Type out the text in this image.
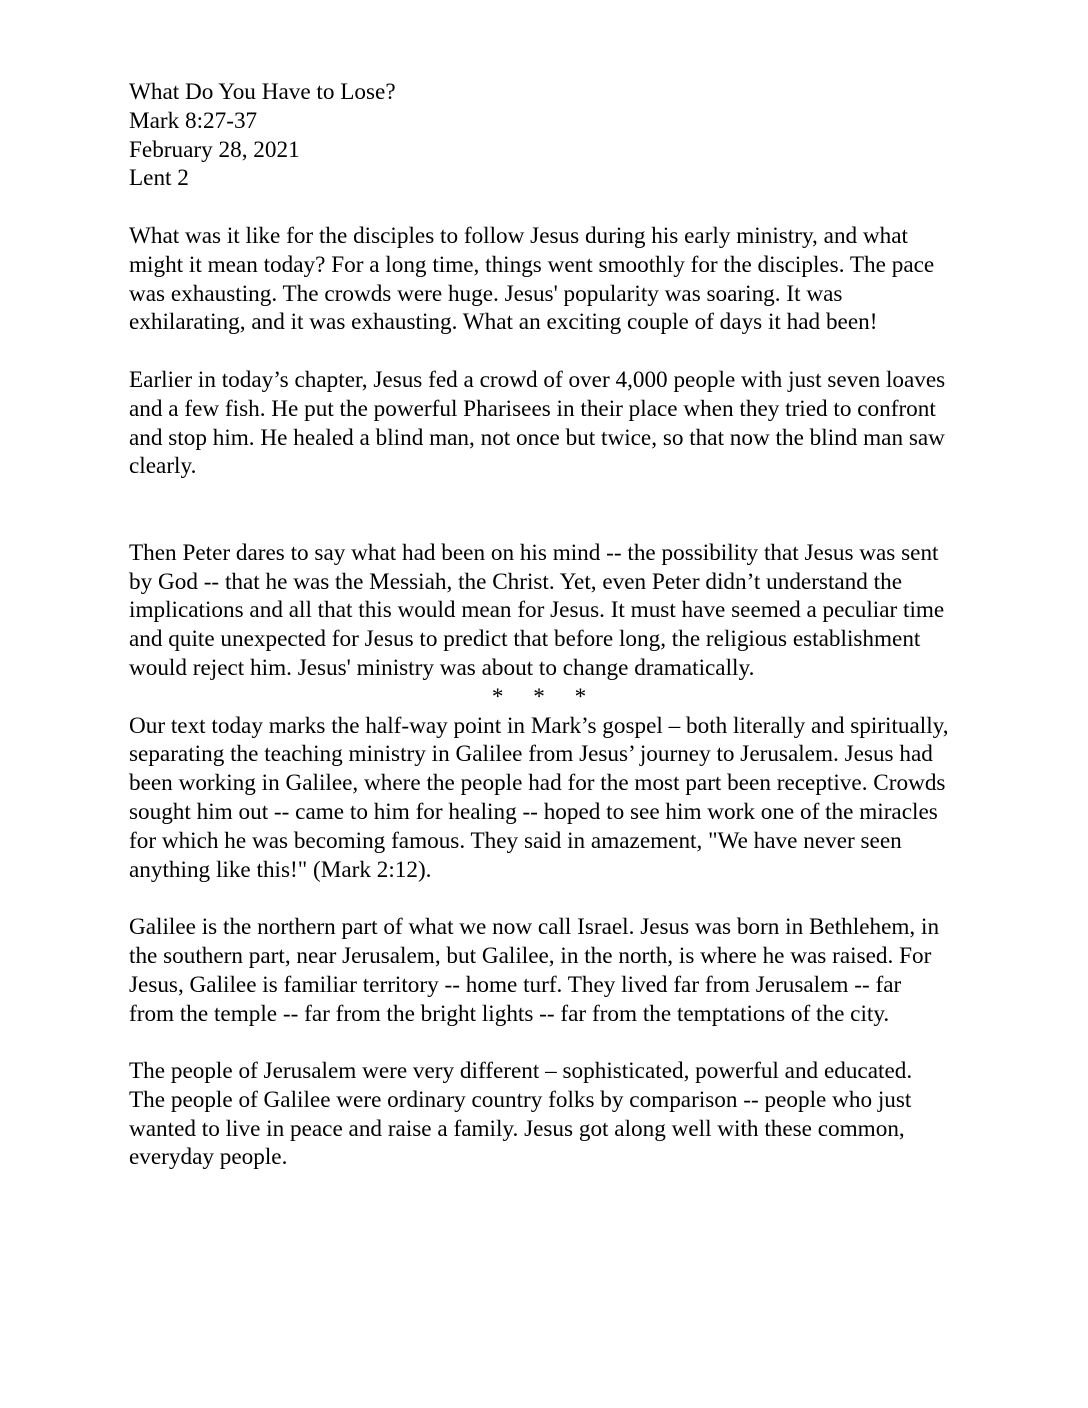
What Do You Have to Lose?
Mark 8:27-37
February 28, 2021
Lent 2

What was it like for the disciples to follow Jesus during his early ministry, and what might it mean today? For a long time, things went smoothly for the disciples. The pace was exhausting. The crowds were huge. Jesus' popularity was soaring. It was exhilarating, and it was exhausting. What an exciting couple of days it had been!

Earlier in today’s chapter, Jesus fed a crowd of over 4,000 people with just seven loaves and a few fish. He put the powerful Pharisees in their place when they tried to confront and stop him. He healed a blind man, not once but twice, so that now the blind man saw clearly.

Then Peter dares to say what had been on his mind -- the possibility that Jesus was sent by God -- that he was the Messiah, the Christ. Yet, even Peter didn’t understand the implications and all that this would mean for Jesus. It must have seemed a peculiar time and quite unexpected for Jesus to predict that before long, the religious establishment would reject him. Jesus' ministry was about to change dramatically.

* * *

Our text today marks the half-way point in Mark’s gospel – both literally and spiritually, separating the teaching ministry in Galilee from Jesus’ journey to Jerusalem. Jesus had been working in Galilee, where the people had for the most part been receptive. Crowds sought him out -- came to him for healing -- hoped to see him work one of the miracles for which he was becoming famous. They said in amazement, "We have never seen anything like this!" (Mark 2:12).

Galilee is the northern part of what we now call Israel. Jesus was born in Bethlehem, in the southern part, near Jerusalem, but Galilee, in the north, is where he was raised. For Jesus, Galilee is familiar territory -- home turf. They lived far from Jerusalem -- far from the temple -- far from the bright lights -- far from the temptations of the city.

The people of Jerusalem were very different – sophisticated, powerful and educated. The people of Galilee were ordinary country folks by comparison -- people who just wanted to live in peace and raise a family. Jesus got along well with these common, everyday people.
